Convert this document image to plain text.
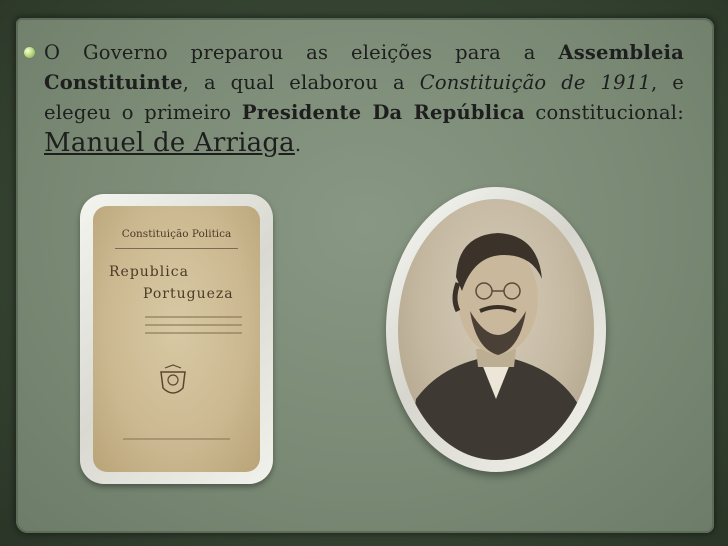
O Governo preparou as eleições para a Assembleia Constituinte, a qual elaborou a Constituição de 1911, e elegeu o primeiro Presidente Da República constitucional: Manuel de Arriaga.

Constituição Politica
Republica
Portugueza
